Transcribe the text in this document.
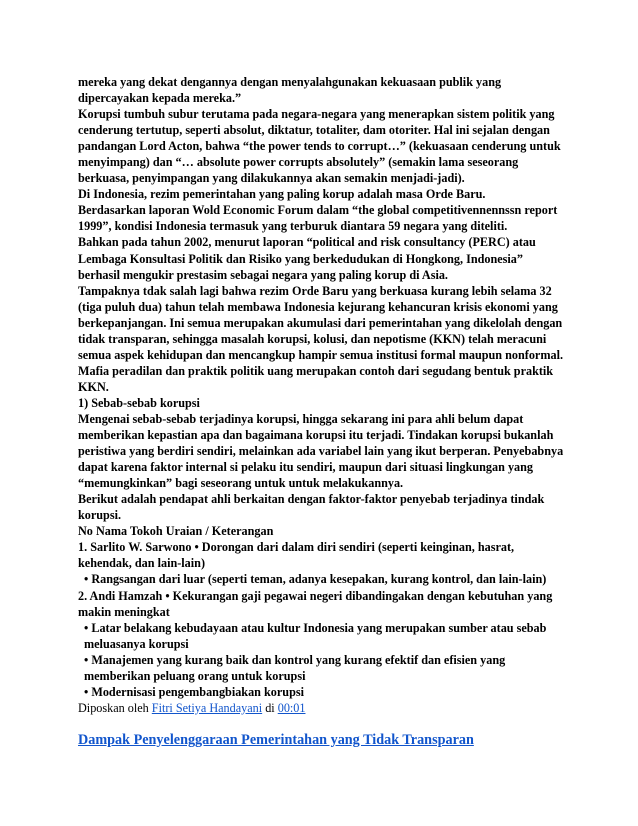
mereka yang dekat dengannya dengan menyalahgunakan kekuasaan publik yang dipercayakan kepada mereka.”

Korupsi tumbuh subur terutama pada negara-negara yang menerapkan sistem politik yang cenderung tertutup, seperti absolut, diktatur, totaliter, dam otoriter. Hal ini sejalan dengan pandangan Lord Acton, bahwa “the power tends to corrupt…” (kekuasaan cenderung untuk menyimpang) dan “… absolute power corrupts absolutely” (semakin lama seseorang berkuasa, penyimpangan yang dilakukannya akan semakin menjadi-jadi).

Di Indonesia, rezim pemerintahan yang paling korup adalah masa Orde Baru.

Berdasarkan laporan Wold Economic Forum dalam “the global competitivennennssn report 1999”, kondisi Indonesia termasuk yang terburuk diantara 59 negara yang diteliti.

Bahkan pada tahun 2002, menurut laporan “political and risk consultancy (PERC) atau Lembaga Konsultasi Politik dan Risiko yang berkedudukan di Hongkong, Indonesia” berhasil mengukir prestasim sebagai negara yang paling korup di Asia.

Tampaknya tdak salah lagi bahwa rezim Orde Baru yang berkuasa kurang lebih selama 32 (tiga puluh dua) tahun telah membawa Indonesia kejurang kehancuran krisis ekonomi yang berkepanjangan. Ini semua merupakan akumulasi dari pemerintahan yang dikelolah dengan tidak transparan, sehingga masalah korupsi, kolusi, dan nepotisme (KKN) telah meracuni semua aspek kehidupan dan mencangkup hampir semua institusi formal maupun nonformal. Mafia peradilan dan praktik politik uang merupakan contoh dari segudang bentuk praktik KKN.

1) Sebab-sebab korupsi

Mengenai sebab-sebab terjadinya korupsi, hingga sekarang ini para ahli belum dapat memberikan kepastian apa dan bagaimana korupsi itu terjadi. Tindakan korupsi bukanlah peristiwa yang berdiri sendiri, melainkan ada variabel lain yang ikut berperan. Penyebabnya dapat karena faktor internal si pelaku itu sendiri, maupun dari situasi lingkungan yang “memungkinkan” bagi seseorang untuk untuk melakukannya.

Berikut adalah pendapat ahli berkaitan dengan faktor-faktor penyebab terjadinya tindak korupsi.

No Nama Tokoh Uraian / Keterangan

1. Sarlito W. Sarwono • Dorongan dari dalam diri sendiri (seperti keinginan, hasrat, kehendak, dan lain-lain)

• Rangsangan dari luar (seperti teman, adanya kesepakan, kurang kontrol, dan lain-lain)

2. Andi Hamzah • Kekurangan gaji pegawai negeri dibandingakan dengan kebutuhan yang makin meningkat

• Latar belakang kebudayaan atau kultur Indonesia yang merupakan sumber atau sebab meluasanya korupsi

• Manajemen yang kurang baik dan kontrol yang kurang efektif dan efisien yang memberikan peluang orang untuk korupsi

• Modernisasi pengembangbiakan korupsi

Diposkan oleh Fitri Setiya Handayani di 00:01

Dampak Penyelenggaraan Pemerintahan yang Tidak Transparan
